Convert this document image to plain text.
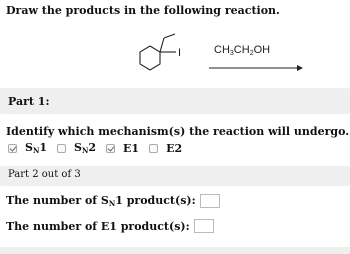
Draw the products in the following reaction.
I	$CH_3CH_2OH$
Part 1:
Identify which mechanism(s) the reaction will undergo.
$S_N1$ $S_N2$ E1 E2
Part 2 out of 3
The number of $S_N1$ product(s):
The number of E1 product(s):
